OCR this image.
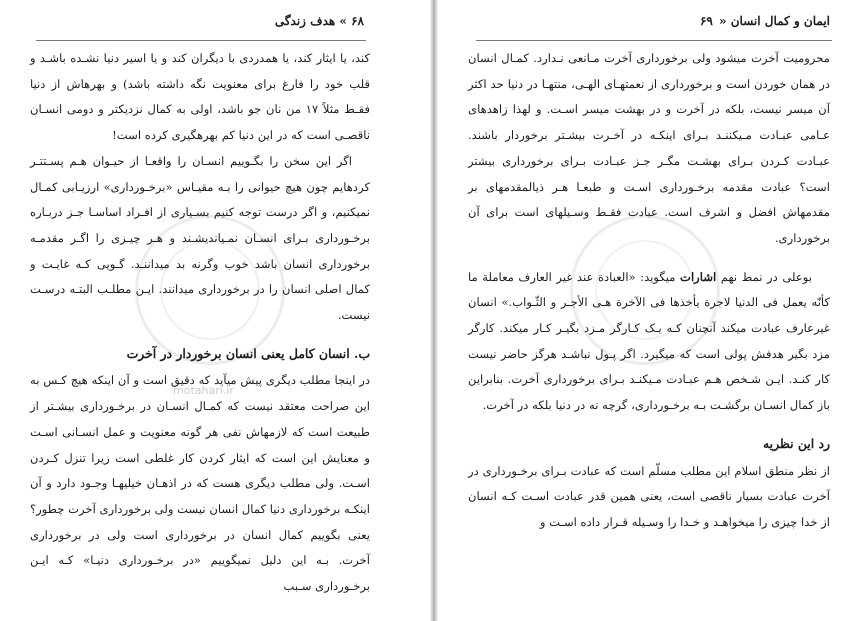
۶۸ » هدف زندگی

کند، یا ایثار کند، یا همدردی با دیگران کند و یا اسیر دنیا نشـده باشـد و قلب خود را فارغ برای معنویت نگه داشته باشد) و بهرهاش از دنیا فقـط مثلاً ۱۷ من نان جو باشد، اولی به کمال نزدیکتر و دومی انسـان ناقصـی است که در این دنیا کم بهرهگیری کرده است!

اگر این سخن را بگـوییم انسـان را واقعـا از حیـوان هـم پسـتتـر کردهایم چون هیچ حیوانی را بـه مقیـاس «برخـورداری» ارزیـابی کمـال نمیکنیم، و اگر درست توجه کنیم بسـیاری از افـراد اساسـا جـز دربـاره برخـورداری بـرای انسـان نمـیاندیشـند و هـر چیـزی را اگـر مقدمـه برخورداری انسان باشد خوب وگرنه بد میداننـد. گـویی کـه غایـت و کمال اصلی انسان را در برخورداری میدانند. ایـن مطلـب البتـه درسـت نیست.

ب. انسان کامل یعنی انسان برخوردار در آخرت

در اینجا مطلب دیگری پیش میآید که دقیق است و آن اینکه هیچ کـس به این صراحت معتقد نیست که کمـال انسـان در برخـورداری بیشـتر از طبیعت است که لازمهاش نفی هر گونه معنویت و عمل انسـانی اسـت و معنایش این است که ایثار کردن کار غلطی است زیرا تنزل کـردن اسـت. ولی مطلب دیگری هست که در اذهـان خیلیهـا وجـود دارد و آن اینکـه برخورداری دنیا کمال انسان نیست ولی برخورداری آخرت چطور؟ یعنی بگوییم کمال انسان در برخورداری است ولی در برخورداری آخرت. بـه این دلیل نمیگوییم «در برخـورداری دنیـا» کـه ایـن برخـورداری سـبب

motahari.ir
ایمان و کمال انسان « ۶۹

محرومیت آخرت میشود ولی برخورداری آخرت مـانعی نـدارد. کمـال انسان در همان خوردن است و برخورداری از نعمتهـای الهـی، منتهـا در دنیا حد اکثر آن میسر نیست، بلکه در آخرت و در بهشت میسر اسـت. و لهذا زاهدهای عـامی عبـادت مـیکننـد بـرای اینکـه در آخـرت بیشـتر برخوردار باشند. عبـادت کـردن بـرای بهشـت مگـر جـز عبـادت بـرای برخورداری بیشتر است؟ عبادت مقدمه برخـورداری اسـت و طبعـا هـر ذیالمقدمهای بر مقدمهاش افضل و اشرف است. عبادت فقـط وسـیلهای است برای آن برخورداری.

بوعلی در نمط نهم اشارات میگوید: «العبادة عند غیر العارف معاملة ما کأنّه یعمل فی الدنیا لاجرة یأخذها فی الآخرة هـی الأجـر و الثّـواب.» انسان غیرعارف عبادت میکند آنچنان کـه یـک کـارگر مـزد بگیـر کـار میکند. کارگر مزد بگیر هدفش پولی است که میگیرد. اگر پـول نباشـد هرگز حاضر نیست کار کنـد. ایـن شـخص هـم عبـادت مـیکنـد بـرای برخورداری آخرت. بنابراین باز کمال انسـان برگشـت بـه برخـورداری، گرچه نه در دنیا بلکه در آخرت.

رد این نظریه

از نظر منطق اسلام این مطلب مسلّم است که عبادت بـرای برخـورداری در آخرت عبادت بسیار ناقصی است، یعنی همین قدر عبادت اسـت کـه انسان از خدا چیزی را میخواهـد و خـدا را وسـیله قـرار داده اسـت و
